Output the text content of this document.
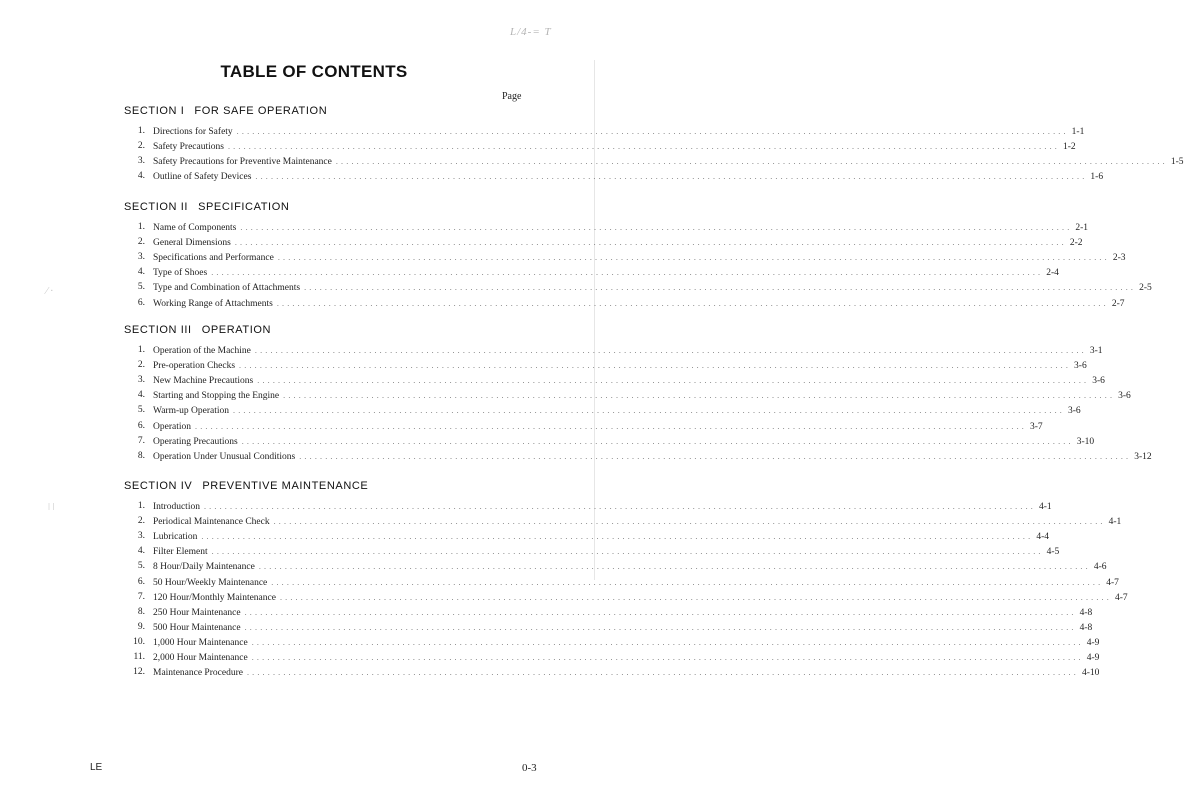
L/4-= T
⁄ ·
ǀ ǀ
TABLE OF CONTENTS
Page
SECTION I FOR SAFE OPERATION
1. Directions for Safety ................................................................................................................................................................ 1-1
2. Safety Precautions ................................................................................................................................................................ 1-2
3. Safety Precautions for Preventive Maintenance ................................................................................................................................................................ 1-5
4. Outline of Safety Devices ................................................................................................................................................................ 1-6
SECTION II SPECIFICATION
1. Name of Components ................................................................................................................................................................ 2-1
2. General Dimensions ................................................................................................................................................................ 2-2
3. Specifications and Performance ................................................................................................................................................................ 2-3
4. Type of Shoes ................................................................................................................................................................ 2-4
5. Type and Combination of Attachments ................................................................................................................................................................ 2-5
6. Working Range of Attachments ................................................................................................................................................................ 2-7
SECTION III OPERATION
1. Operation of the Machine ................................................................................................................................................................ 3-1
2. Pre-operation Checks ................................................................................................................................................................ 3-6
3. New Machine Precautions ................................................................................................................................................................ 3-6
4. Starting and Stopping the Engine ................................................................................................................................................................ 3-6
5. Warm-up Operation ................................................................................................................................................................ 3-6
6. Operation ................................................................................................................................................................ 3-7
7. Operating Precautions ................................................................................................................................................................ 3-10
8. Operation Under Unusual Conditions ................................................................................................................................................................ 3-12
SECTION IV PREVENTIVE MAINTENANCE
1. Introduction ................................................................................................................................................................ 4-1
2. Periodical Maintenance Check ................................................................................................................................................................ 4-1
3. Lubrication ................................................................................................................................................................ 4-4
4. Filter Element ................................................................................................................................................................ 4-5
5. 8 Hour/Daily Maintenance ................................................................................................................................................................ 4-6
6. 50 Hour/Weekly Maintenance ................................................................................................................................................................ 4-7
7. 120 Hour/Monthly Maintenance ................................................................................................................................................................ 4-7
8. 250 Hour Maintenance ................................................................................................................................................................ 4-8
9. 500 Hour Maintenance ................................................................................................................................................................ 4-8
10. 1,000 Hour Maintenance ................................................................................................................................................................ 4-9
11. 2,000 Hour Maintenance ................................................................................................................................................................ 4-9
12. Maintenance Procedure ................................................................................................................................................................ 4-10
LE	0-3
